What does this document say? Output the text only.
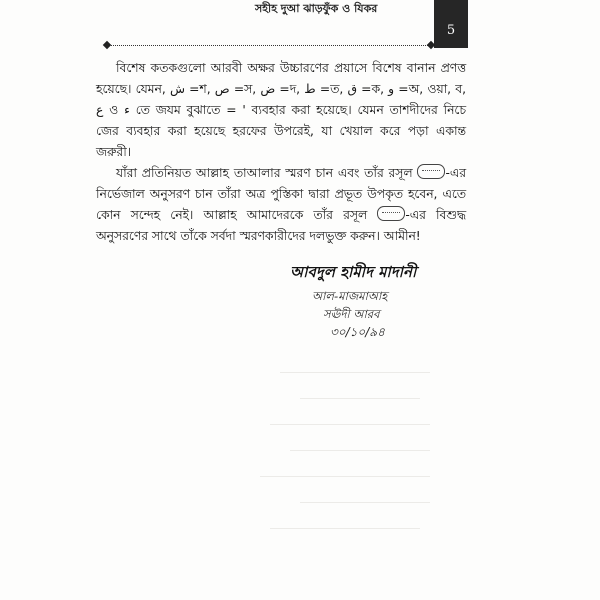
সহীহ দুআ ঝাড়ফুঁক ও যিকর
5

বিশেষ কতকগুলো আরবী অক্ষর উচ্চারণের প্রয়াসে বিশেষ বানান প্রণত্ত হয়েছে। যেমন, ش =শ, ص =স, ض =দ, ط =ত, ق =ক, و =অ, ওয়া, ব, ع ও ء তে জযম বুঝাতে = ' ব্যবহার করা হয়েছে। যেমন তাশদীদের নিচে জের ব্যবহার করা হয়েছে হরফের উপরেই, যা খেয়াল করে পড়া একান্ত জরুরী।

যাঁরা প্রতিনিয়ত আল্লাহ তাআলার স্মরণ চান এবং তাঁর রসূল	-এর নির্ভেজাল অনুসরণ চান তাঁরা অত্র পুস্তিকা দ্বারা প্রভূত উপকৃত হবেন, এতে কোন সন্দেহ নেই। আল্লাহ আমাদেরকে তাঁর রসূল	-এর বিশুদ্ধ অনুসরণের সাথে তাঁকে সর্বদা স্মরণকারীদের দলভুক্ত করুন। আমীন!

আবদুল হামীদ মাদানী
আল-মাজমাআহ
সঊদী আরব
৩০/১০/৯৪
